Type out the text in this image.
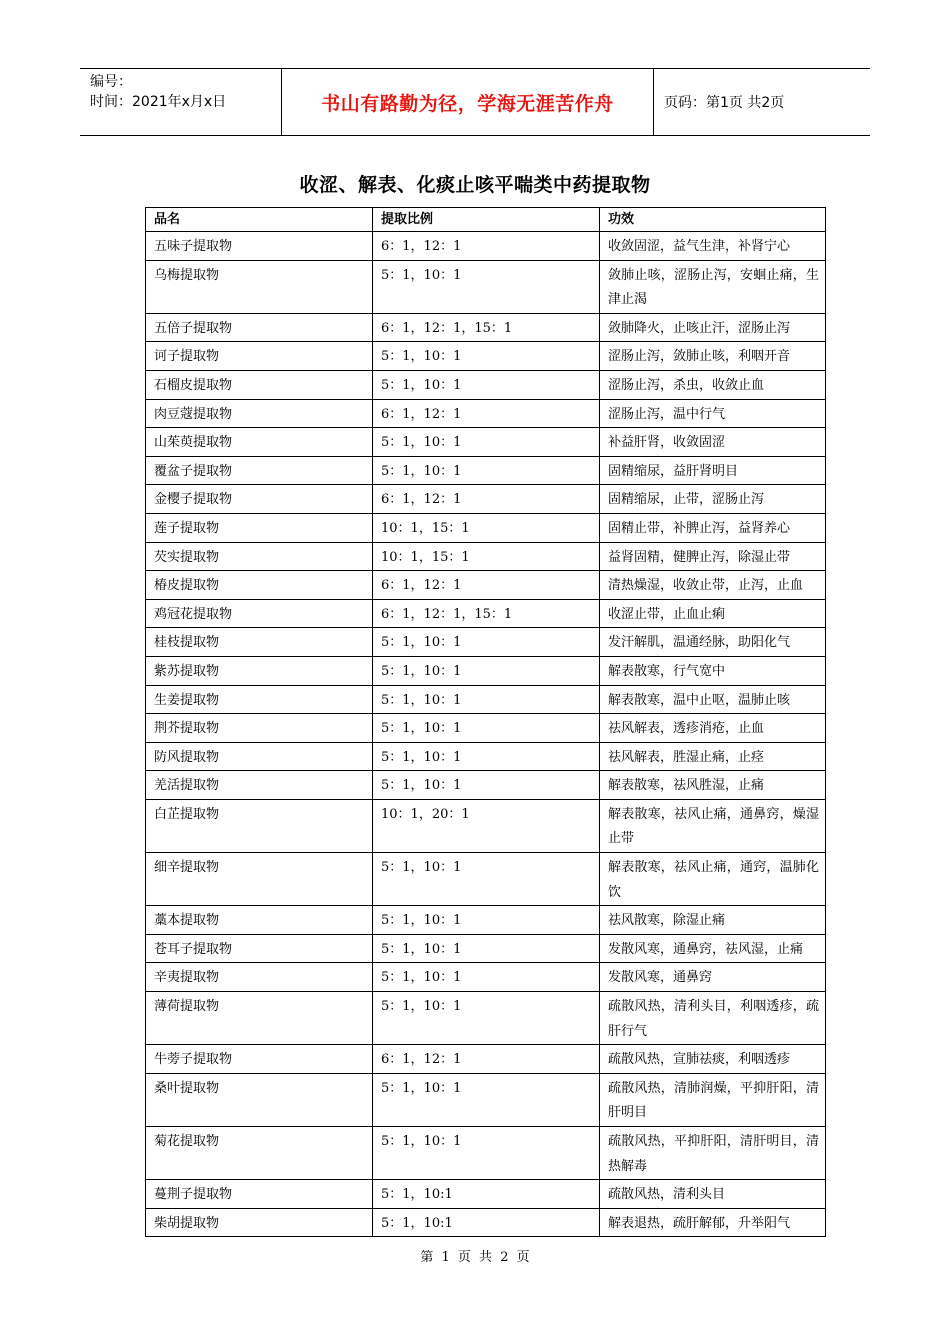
编号：
时间：2021年x月x日	书山有路勤为径，学海无涯苦作舟	页码：第1页 共2页
收涩、解表、化痰止咳平喘类中药提取物
品名	提取比例	功效
五味子提取物	6：1，12：1	收敛固涩，益气生津，补肾宁心
乌梅提取物	5：1，10：1	敛肺止咳，涩肠止泻，安蛔止痛，生津止渴
五倍子提取物	6：1，12：1，15：1	敛肺降火，止咳止汗，涩肠止泻
诃子提取物	5：1，10：1	涩肠止泻，敛肺止咳，利咽开音
石榴皮提取物	5：1，10：1	涩肠止泻，杀虫，收敛止血
肉豆蔻提取物	6：1，12：1	涩肠止泻，温中行气
山茱萸提取物	5：1，10：1	补益肝肾，收敛固涩
覆盆子提取物	5：1，10：1	固精缩尿，益肝肾明目
金樱子提取物	6：1，12：1	固精缩尿，止带，涩肠止泻
莲子提取物	10：1，15：1	固精止带，补脾止泻，益肾养心
芡实提取物	10：1，15：1	益肾固精，健脾止泻，除湿止带
椿皮提取物	6：1，12：1	清热燥湿，收敛止带，止泻，止血
鸡冠花提取物	6：1，12：1，15：1	收涩止带，止血止痢
桂枝提取物	5：1，10：1	发汗解肌，温通经脉，助阳化气
紫苏提取物	5：1，10：1	解表散寒，行气宽中
生姜提取物	5：1，10：1	解表散寒，温中止呕，温肺止咳
荆芥提取物	5：1，10：1	祛风解表，透疹消疮，止血
防风提取物	5：1，10：1	祛风解表，胜湿止痛，止痉
羌活提取物	5：1，10：1	解表散寒，祛风胜湿，止痛
白芷提取物	10：1，20：1	解表散寒，祛风止痛，通鼻窍，燥湿止带
细辛提取物	5：1，10：1	解表散寒，祛风止痛，通窍，温肺化饮
藁本提取物	5：1，10：1	祛风散寒，除湿止痛
苍耳子提取物	5：1，10：1	发散风寒，通鼻窍，祛风湿，止痛
辛夷提取物	5：1，10：1	发散风寒，通鼻窍
薄荷提取物	5：1，10：1	疏散风热，清利头目，利咽透疹，疏肝行气
牛蒡子提取物	6：1，12：1	疏散风热，宣肺祛痰，利咽透疹
桑叶提取物	5：1，10：1	疏散风热，清肺润燥，平抑肝阳，清肝明目
菊花提取物	5：1，10：1	疏散风热，平抑肝阳，清肝明目，清热解毒
蔓荆子提取物	5：1，10:1	疏散风热，清利头目
柴胡提取物	5：1，10:1	解表退热，疏肝解郁，升举阳气
第 1 页 共 2 页
